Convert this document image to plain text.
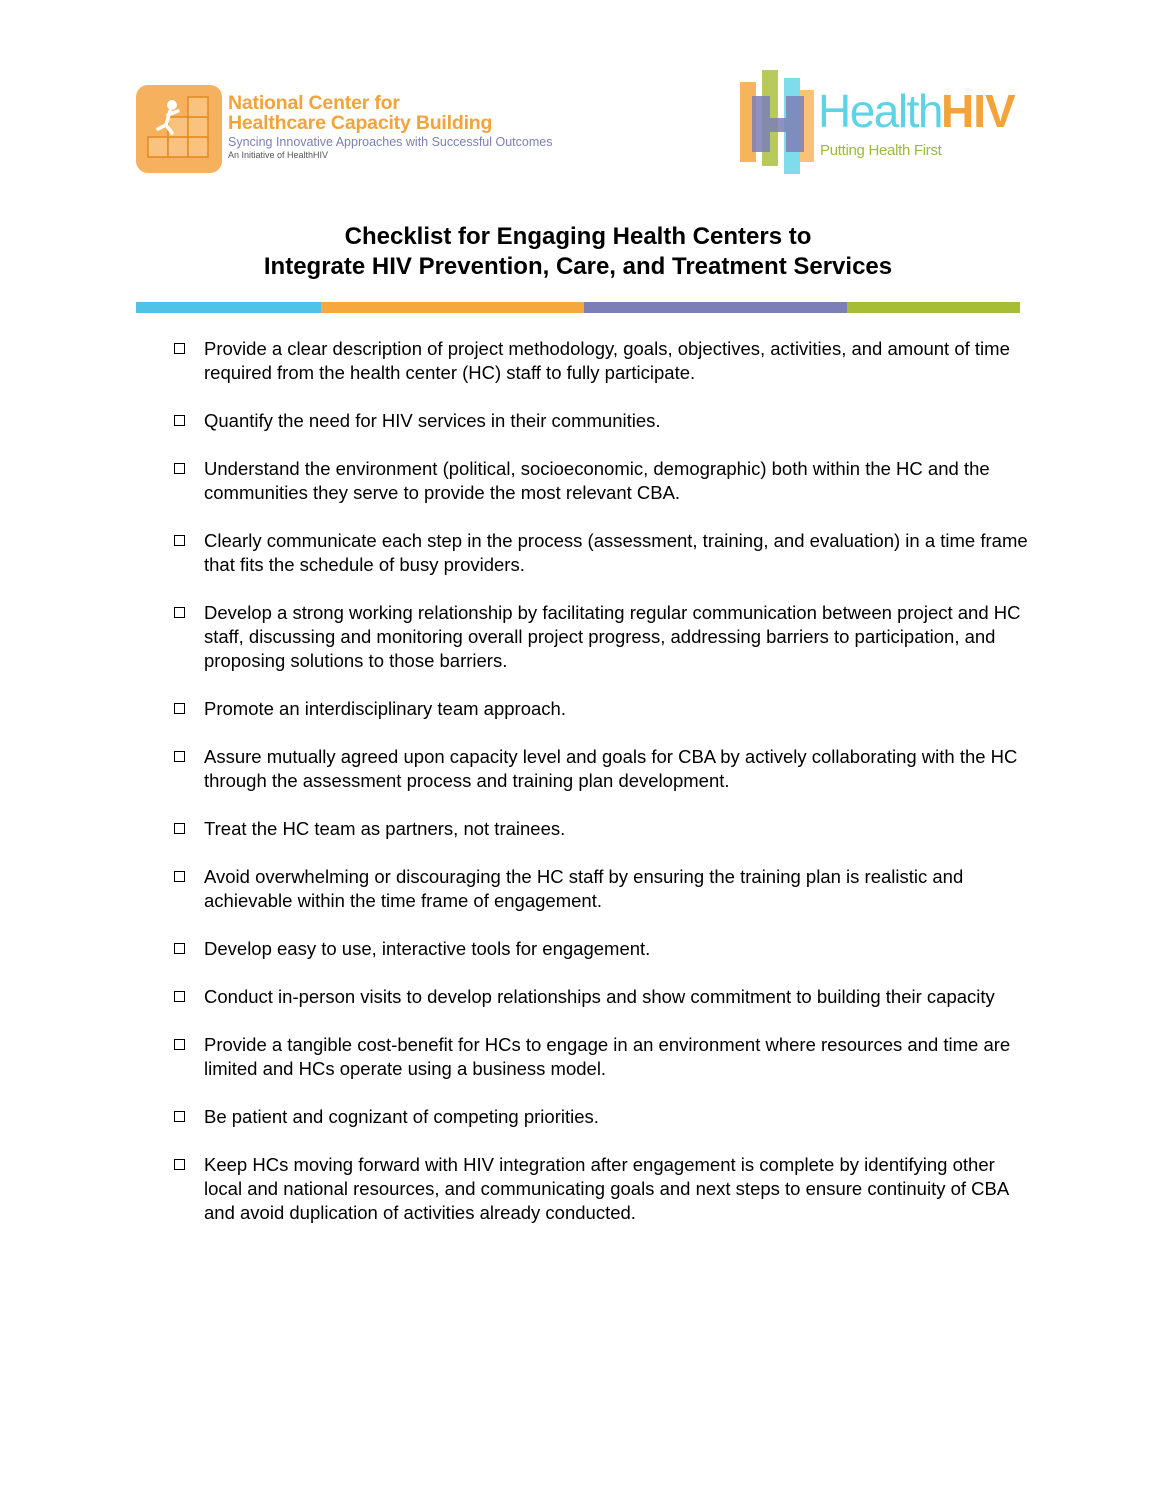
National Center for
Healthcare Capacity Building
Syncing Innovative Approaches with Successful Outcomes
An Initiative of HealthHIV
Health HIV
Putting Health First
Checklist for Engaging Health Centers to
Integrate HIV Prevention, Care, and Treatment Services
Provide a clear description of project methodology, goals, objectives, activities, and amount of time required from the health center (HC) staff to fully participate.
Quantify the need for HIV services in their communities.
Understand the environment (political, socioeconomic, demographic) both within the HC and the communities they serve to provide the most relevant CBA.
Clearly communicate each step in the process (assessment, training, and evaluation) in a time frame that fits the schedule of busy providers.
Develop a strong working relationship by facilitating regular communication between project and HC staff, discussing and monitoring overall project progress, addressing barriers to participation, and proposing solutions to those barriers.
Promote an interdisciplinary team approach.
Assure mutually agreed upon capacity level and goals for CBA by actively collaborating with the HC through the assessment process and training plan development.
Treat the HC team as partners, not trainees.
Avoid overwhelming or discouraging the HC staff by ensuring the training plan is realistic and achievable within the time frame of engagement.
Develop easy to use, interactive tools for engagement.
Conduct in-person visits to develop relationships and show commitment to building their capacity
Provide a tangible cost-benefit for HCs to engage in an environment where resources and time are limited and HCs operate using a business model.
Be patient and cognizant of competing priorities.
Keep HCs moving forward with HIV integration after engagement is complete by identifying other local and national resources, and communicating goals and next steps to ensure continuity of CBA and avoid duplication of activities already conducted.
